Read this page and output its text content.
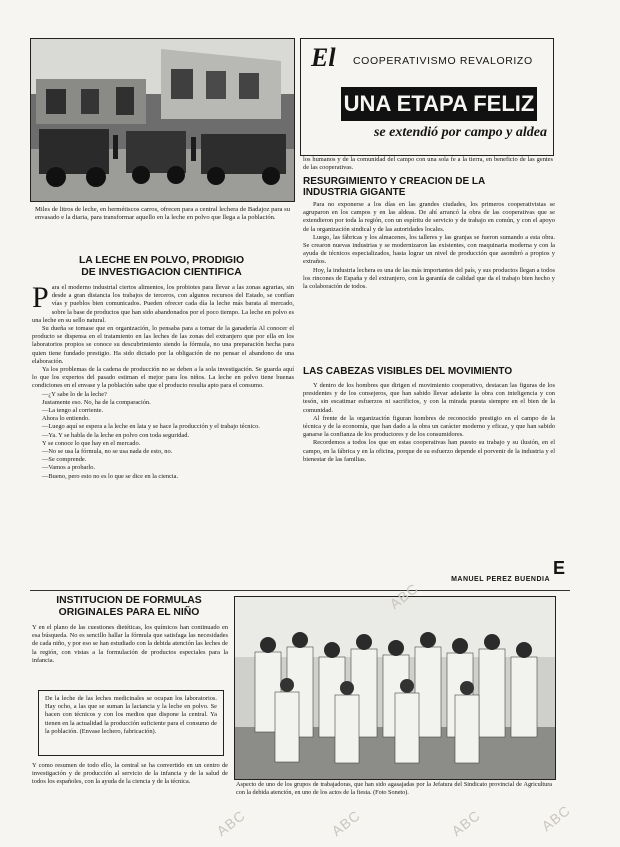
Miles de litros de leche, en hermétiscos carros, ofrecen para a central lechera de Badajoz para su envasado e la diaria, para transformar aquello en la leche en polvo que llega a la población.
LA LECHE EN POLVO, PRODIGIO
DE INVESTIGACION CIENTIFICA
P ara el moderno industrial ciertos alimentos, los probiotes para llevar a las zonas agrarias, sin desde a gran distancia los trabajos de terceros, con algunos recursos del Estado, se confían vías y pueblos bien comunicados. Pueden ofrecer cada día la leche más barata al mercado, sobre la base de productos que han sido abandonados por el poco tiempo. La leche en polvo es una leche en su sello natural.

Su dueña se tomase que en organización, lo pensaba para a tomar de la ganadería Al conocer el producto se dispensa en el tratamiento en las leches de las zonas del extranjero que por ella en los laboratorios propios se conoce su descubrimiento siendo la fórmula, no una preparación hecha para quien tiene fundado prestigio. Ha sido dictado por la obligación de no pensar el abandono de una elaboración.

Ya los problemas de la cadena de producción no se deben a la sola investigación. Se guarda aquí lo que los expertos del pasado estiman el mejor para los niños. La leche en polvo tiene buenas condiciones en el envase y la población sabe que el producto resulta apto para el consumo.

—¿Y sabe lo de la leche?

Justamente eso. No, ha de la comparación.

—La tengo al corriente.

Ahora lo entiendo.

—Luego aquí se espera a la leche en lata y se hace la producción y el trabajo técnico.

—Ya. Y se habla de la leche en polvo con toda seguridad.

Y se conoce lo que hay en el mercado.

—No se usa la fórmula, no se usa nada de esto, no.

—Se comprende.

—Vamos a probarlo.

—Bueno, pero esto no es lo que se dice en la ciencia.

El COOPERATIVISMO REVALORIZO
UNA ETAPA FELIZ
se extendió por campo y aldea
los humanos y de la comunidad del campo con una sola fe a la tierra, en beneficio de las gentes de las cooperativas.
RESURGIMIENTO Y CREACION DE LA INDUSTRIA GIGANTE

Para no exponerse a los días en las grandes ciudades, los primeros cooperativistas se agruparon en los campos y en las aldeas. De ahí arrancó la obra de las cooperativas que se extendieron por toda la región, con un espíritu de servicio y de trabajo en común, y con el apoyo de la organización sindical y de las autoridades locales.

Luego, las fábricas y los almacenes, los talleres y las granjas se fueron sumando a esta obra. Se crearon nuevas industrias y se modernizaron las existentes, con maquinaria moderna y con la ayuda de técnicos especializados, hasta lograr un nivel de producción que asombró a propios y extraños.

Hoy, la industria lechera es una de las más importantes del país, y sus productos llegan a todos los rincones de España y del extranjero, con la garantía de calidad que da el trabajo bien hecho y la colaboración de todos.

LAS CABEZAS VISIBLES DEL MOVIMIENTO

Y dentro de los hombres que dirigen el movimiento cooperativo, destacan las figuras de los presidentes y de los consejeros, que han sabido llevar adelante la obra con inteligencia y con tesón, sin escatimar esfuerzos ni sacrificios, y con la mirada puesta siempre en el bien de la comunidad.

Al frente de la organización figuran hombres de reconocido prestigio en el campo de la técnica y de la economía, que han dado a la obra un carácter moderno y eficaz, y que han sabido ganarse la confianza de los productores y de los consumidores.

Recordemos a todos los que en estas cooperativas han puesto su trabajo y su ilusión, en el campo, en la fábrica y en la oficina, porque de su esfuerzo depende el porvenir de la industria y el bienestar de las familias.

E
MANUEL PEREZ BUENDIA
INSTITUCION DE FORMULAS
ORIGINALES PARA EL NIÑO
Y en el plano de las cuestiones dietéticas, los químicos han continuado en esa búsqueda. No es sencillo hallar la fórmula que satisfaga las necesidades de cada niño, y por eso se han estudiado con la debida atención las leches de la región, con vistas a la formulación de productos especiales para la infancia.
De la leche de las leches medicinales se ocupan los laboratorios. Hay ocho, a las que se suman la lactancia y la leche en polvo. Se hacen con técnicos y con los medios que dispone la central. Ya tienen en la actualidad la producción suficiente para el consumo de la población. (Envase lechero, fabricación).
Y como resumen de todo ello, la central se ha convertido en un centro de investigación y de producción al servicio de la infancia y de la salud de todos los españoles, con la ayuda de la ciencia y de la técnica.	Aspecto de uno de los grupos de trabajadoras, que han sido agasajadas por la Jefatura del Sindicato provincial de Agricultura con la debida atención, en uno de los actos de la fiesta. (Foto Soneto).
ABC	ABC	ABC	ABC
ABC
